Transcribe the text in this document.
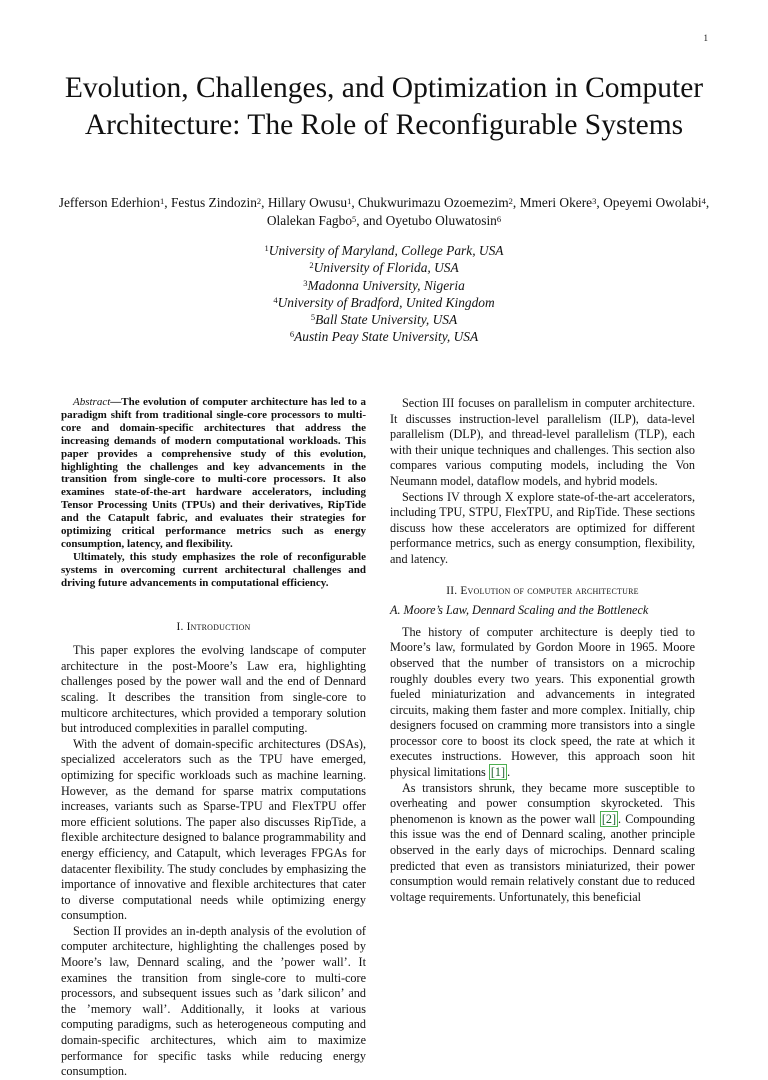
1
Evolution, Challenges, and Optimization in Computer Architecture: The Role of Reconfigurable Systems
Jefferson Ederhion$^1$, Festus Zindozin$^2$, Hillary Owusu$^1$, Chukwurimazu Ozoemezim$^2$, Mmeri Okere$^3$, Opeyemi Owolabi$^4$, Olalekan Fagbo$^5$, and Oyetubo Oluwatosin$^6$
$^1$University of Maryland, College Park, USA
$^2$University of Florida, USA
$^3$Madonna University, Nigeria
$^4$University of Bradford, United Kingdom
$^5$Ball State University, USA
$^6$Austin Peay State University, USA

Abstract—The evolution of computer architecture has led to a paradigm shift from traditional single-core processors to multi-core and domain-specific architectures that address the increasing demands of modern computational workloads. This paper provides a comprehensive study of this evolution, highlighting the challenges and key advancements in the transition from single-core to multi-core processors. It also examines state-of-the-art hardware accelerators, including Tensor Processing Units (TPUs) and their derivatives, RipTide and the Catapult fabric, and evaluates their strategies for optimizing critical performance metrics such as energy consumption, latency, and flexibility.

Ultimately, this study emphasizes the role of reconfigurable systems in overcoming current architectural challenges and driving future advancements in computational efficiency.

I. Introduction

This paper explores the evolving landscape of computer architecture in the post-Moore’s Law era, highlighting challenges posed by the power wall and the end of Dennard scaling. It describes the transition from single-core to multicore architectures, which provided a temporary solution but introduced complexities in parallel computing.

With the advent of domain-specific architectures (DSAs), specialized accelerators such as the TPU have emerged, optimizing for specific workloads such as machine learning. However, as the demand for sparse matrix computations increases, variants such as Sparse-TPU and FlexTPU offer more efficient solutions. The paper also discusses RipTide, a flexible architecture designed to balance programmability and energy efficiency, and Catapult, which leverages FPGAs for datacenter flexibility. The study concludes by emphasizing the importance of innovative and flexible architectures that cater to diverse computational needs while optimizing energy consumption.

Section II provides an in-depth analysis of the evolution of computer architecture, highlighting the challenges posed by Moore’s law, Dennard scaling, and the ’power wall’. It examines the transition from single-core to multi-core processors, and subsequent issues such as ’dark silicon’ and the ’memory wall’. Additionally, it looks at various computing paradigms, such as heterogeneous computing and domain-specific architectures, which aim to maximize performance for specific tasks while reducing energy consumption.

Section III focuses on parallelism in computer architecture. It discusses instruction-level parallelism (ILP), data-level parallelism (DLP), and thread-level parallelism (TLP), each with their unique techniques and challenges. This section also compares various computing models, including the Von Neumann model, dataflow models, and hybrid models.

Sections IV through X explore state-of-the-art accelerators, including TPU, STPU, FlexTPU, and RipTide. These sections discuss how these accelerators are optimized for different performance metrics, such as energy consumption, flexibility, and latency.

II. Evolution of computer architecture
A. Moore’s Law, Dennard Scaling and the Bottleneck

The history of computer architecture is deeply tied to Moore’s law, formulated by Gordon Moore in 1965. Moore observed that the number of transistors on a microchip roughly doubles every two years. This exponential growth fueled miniaturization and advancements in integrated circuits, making them faster and more complex. Initially, chip designers focused on cramming more transistors into a single processor core to boost its clock speed, the rate at which it executes instructions. However, this approach soon hit physical limitations [1] .

As transistors shrunk, they became more susceptible to overheating and power consumption skyrocketed. This phenomenon is known as the power wall [2] . Compounding this issue was the end of Dennard scaling, another principle observed in the early days of microchips. Dennard scaling predicted that even as transistors miniaturized, their power consumption would remain relatively constant due to reduced voltage requirements. Unfortunately, this beneficial
